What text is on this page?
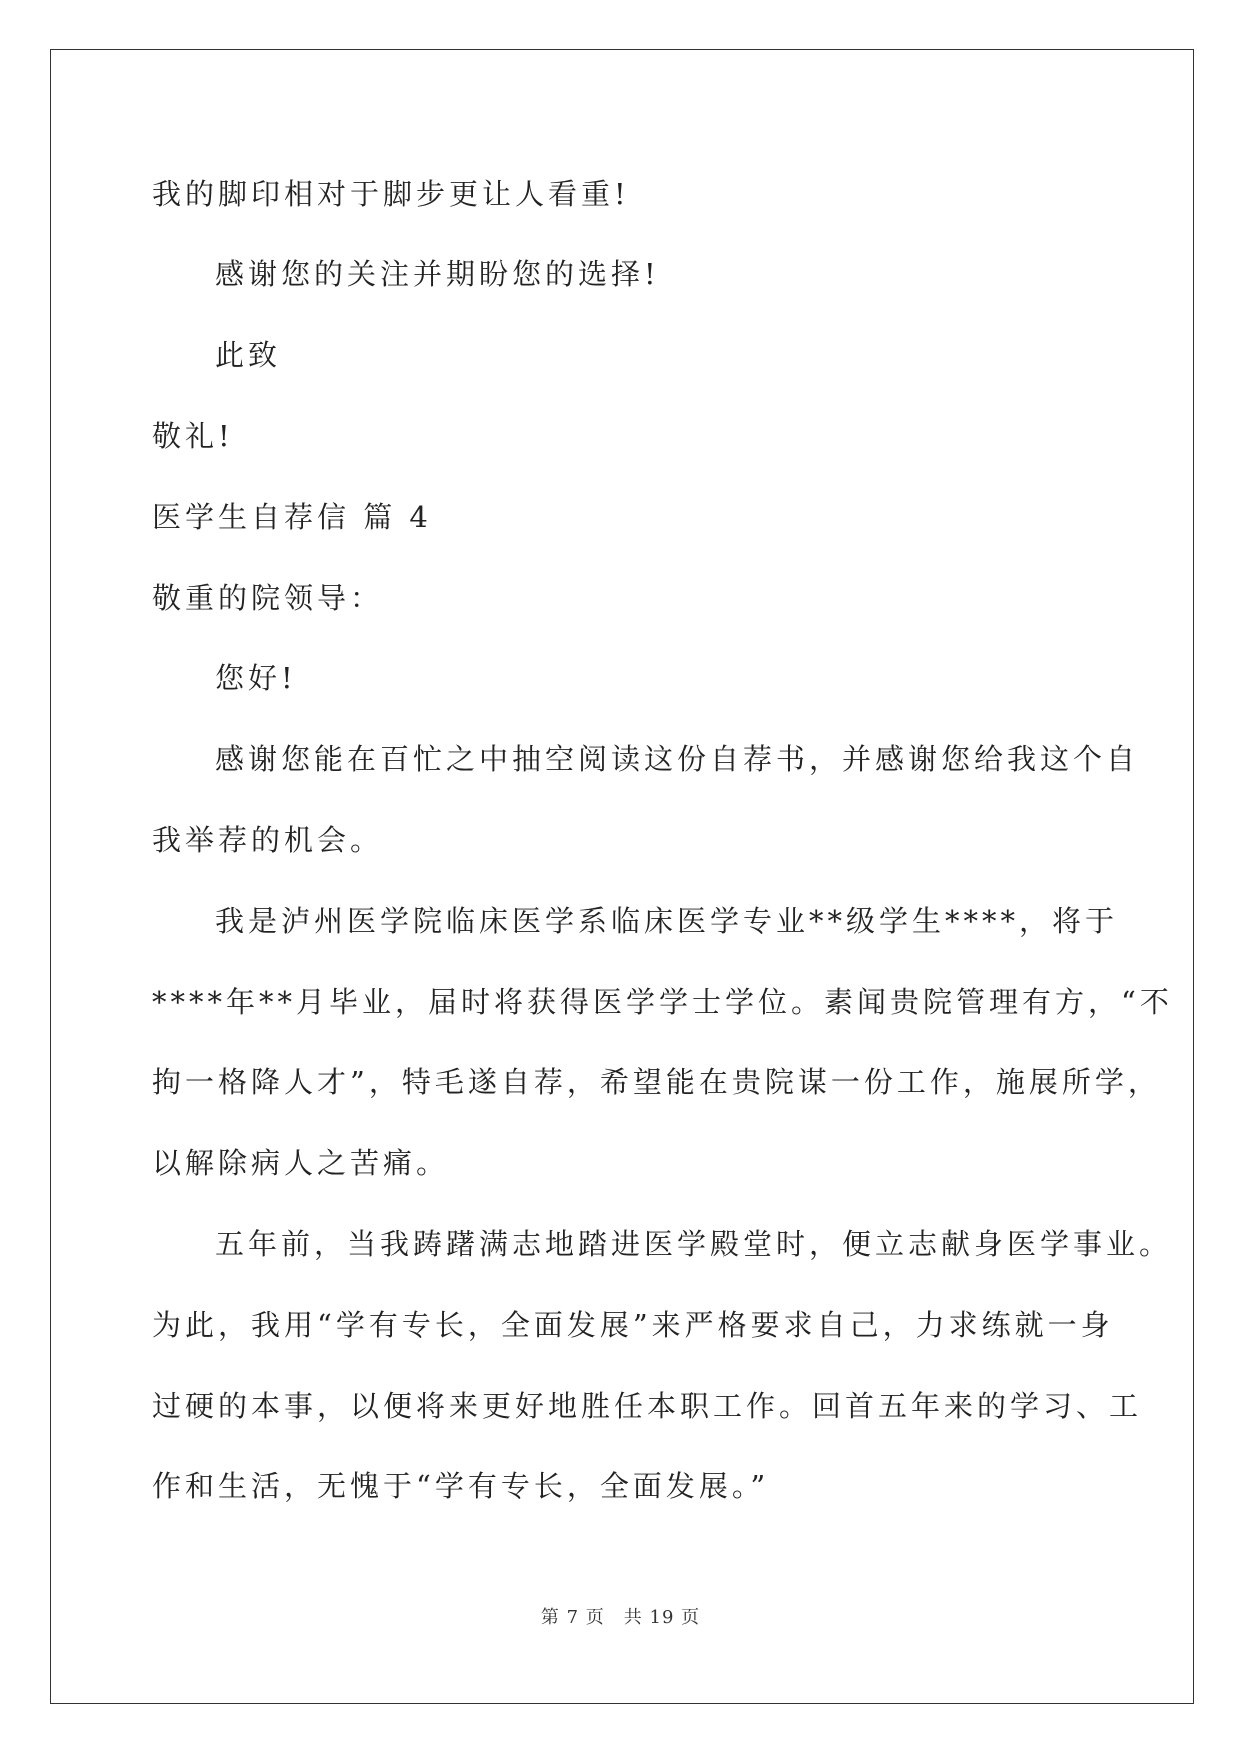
我的脚印相对于脚步更让人看重!

感谢您的关注并期盼您的选择!

此致

敬礼!

医学生自荐信 篇 4

敬重的院领导：

您好!

感谢您能在百忙之中抽空阅读这份自荐书，并感谢您给我这个自

我举荐的机会。

我是泸州医学院临床医学系临床医学专业**级学生****，将于

****年**月毕业，届时将获得医学学士学位。素闻贵院管理有方，“不

拘一格降人才”，特毛遂自荐，希望能在贵院谋一份工作，施展所学，

以解除病人之苦痛。

五年前，当我踌躇满志地踏进医学殿堂时，便立志献身医学事业。

为此，我用“学有专长，全面发展”来严格要求自己，力求练就一身

过硬的本事，以便将来更好地胜任本职工作。回首五年来的学习、工

作和生活，无愧于“学有专长，全面发展。”

第 7 页　共 19 页
